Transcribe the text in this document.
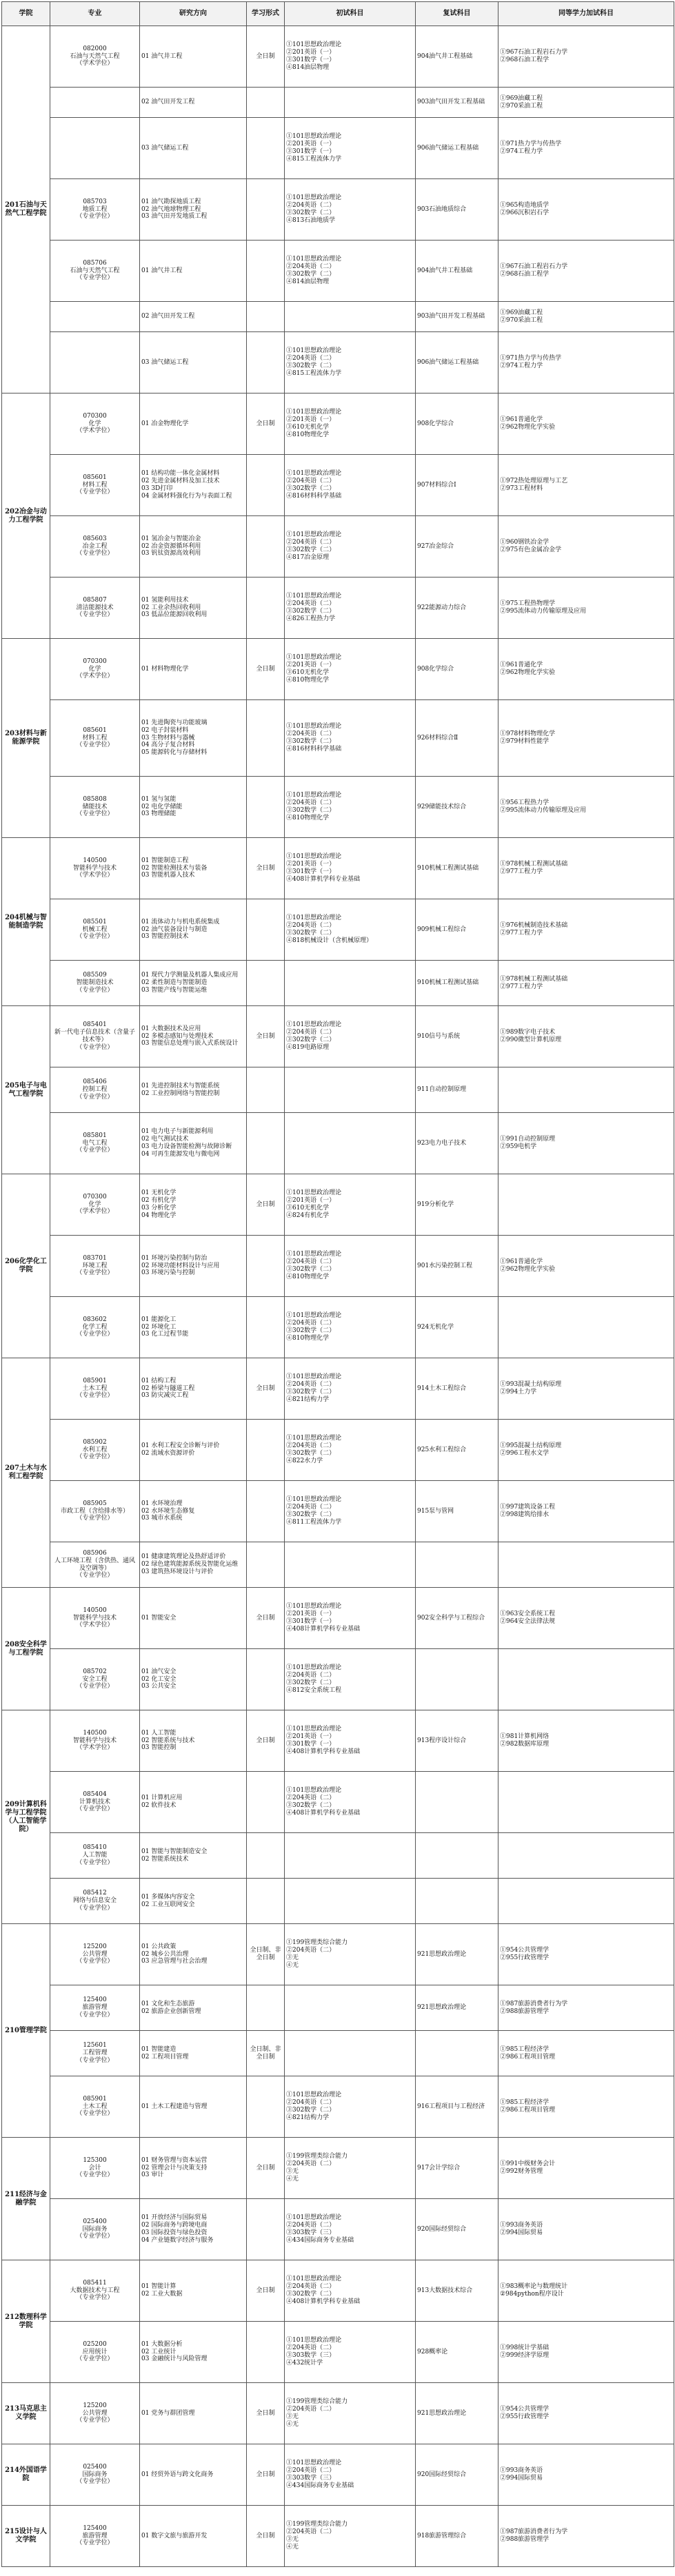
学院	专业	研究方向	学习形式	初试科目	复试科目	同等学力加试科目
201石油与天然气工程学院	082000
石油与天然气工程
（学术学位）	01 油气井工程	全日制	①101思想政治理论
②201英语（一）
③301数学（一）
④814油层物理	904油气井工程基础	①967石油工程岩石力学
②968石油工程学

		02 油气田开发工程			903油气田开发工程基础	①969油藏工程
②970采油工程

		03 油气储运工程		①101思想政治理论
②201英语（一）
③301数学（一）
④815工程流体力学	906油气储运工程基础	①971热力学与传热学
②974工程力学

	085703
地质工程
（专业学位）	01 油气勘探地质工程
02 油气地球物理工程
03 油气田开发地质工程		①101思想政治理论
②204英语（二）
③302数学（二）
④813石油地质学	903石油地质综合	①965构造地质学
②966沉积岩石学

	085706
石油与天然气工程
（专业学位）	01 油气井工程		①101思想政治理论
②204英语（二）
③302数学（二）
④814油层物理	904油气井工程基础	①967石油工程岩石力学
②968石油工程学

		02 油气田开发工程			903油气田开发工程基础	①969油藏工程
②970采油工程

		03 油气储运工程		①101思想政治理论
②204英语（二）
③302数学（二）
④815工程流体力学	906油气储运工程基础	①971热力学与传热学
②974工程力学

202冶金与动力工程学院	070300
化学
（学术学位）	01 冶金物理化学	全日制	①101思想政治理论
②201英语（一）
③610无机化学
④810物理化学	908化学综合	①961普通化学
②962物理化学实验

	085601
材料工程
（专业学位）	01 结构功能一体化金属材料
02 先进金属材料及加工技术
03 3D打印
04 金属材料强化行为与表面工程		①101思想政治理论
②204英语（二）
③302数学（二）
④816材料科学基础	907材料综合Ⅰ	①972热处理原理与工艺
②973工程材料

	085603
冶金工程
（专业学位）	01 氢冶金与智能冶金
02 冶金资源循环利用
03 钒钛资源高效利用		①101思想政治理论
②204英语（二）
③302数学（二）
④817冶金原理	927冶金综合	①960钢铁冶金学
②975有色金属冶金学

	085807
清洁能源技术
（专业学位）	01 氢能利用技术
02 工业余热回收利用
03 低品位能源回收利用		①101思想政治理论
②204英语（二）
③302数学（二）
④826工程热力学	922能源动力综合	①975工程热物理学
②995流体动力传输原理及应用

203材料与新能源学院	070300
化学
（学术学位）	01 材料物理化学	全日制	①101思想政治理论
②201英语（一）
③610无机化学
④810物理化学	908化学综合	①961普通化学
②962物理化学实验

	085601
材料工程
（专业学位）	01 先进陶瓷与功能玻璃
02 电子封装材料
03 生物材料与器械
04 高分子复合材料
05 能源转化与存储材料		①101思想政治理论
②204英语（二）
③302数学（二）
④816材料科学基础	926材料综合Ⅱ	①978材料物理化学
②979材料性能学

	085808
储能技术
（专业学位）	01 氢与氢能
02 电化学储能
03 物理储能		①101思想政治理论
②204英语（二）
③302数学（二）
④810物理化学	929储能技术综合	①956工程热力学
②995流体动力传输原理及应用

204机械与智能制造学院	140500
智能科学与技术
（学术学位）	01 智能制造工程
02 智能检测技术与装备
03 智能机器人技术	全日制	①101思想政治理论
②201英语（一）
③301数学（一）
④408计算机学科专业基础	910机械工程测试基础	①978机械工程测试基础
②977工程力学

	085501
机械工程
（专业学位）	01 流体动力与机电系统集成
02 油气装备设计与制造
03 智能控制技术		①101思想政治理论
②204英语（二）
③302数学（二）
④818机械设计（含机械原理）	909机械工程综合	①976机械制造技术基础
②977工程力学

	085509
智能制造技术
（专业学位）	01 现代力学测量及机器人集成应用
02 柔性制造与智能制造
03 智能产线与智能运维			910机械工程测试基础	①978机械工程测试基础
②977工程力学

205电子与电气工程学院	085401
新一代电子信息技术（含量子技术等）
（专业学位）	01 大数据技术及应用
02 多模态感知与处理技术
03 智能信息处理与嵌入式系统设计	全日制	①101思想政治理论
②204英语（二）
③302数学（二）
④819电路原理	910信号与系统	①989数字电子技术
②990微型计算机原理

	085406
控制工程
（专业学位）	01 先进控制技术与智能系统
02 工业控制网络与智能控制			911自动控制原理	

	085801
电气工程
（专业学位）	01 电力电子与新能源利用
02 电气测试技术
03 电力设备智能检测与故障诊断
04 可再生能源发电与微电网			923电力电子技术	①991自动控制原理
②959电机学

206化学化工学院	070300
化学
（学术学位）	01 无机化学
02 有机化学
03 分析化学
04 物理化学	全日制	①101思想政治理论
②201英语（一）
③610无机化学
④824有机化学	919分析化学	

	083701
环境工程
（专业学位）	01 环境污染控制与防治
02 环境功能材料设计与应用
03 环境污染与控制		①101思想政治理论
②204英语（二）
③302数学（二）
④810物理化学	901水污染控制工程	①961普通化学
②962物理化学实验

	083602
化学工程
（专业学位）	01 能源化工
02 环境化工
03 化工过程节能		①101思想政治理论
②204英语（二）
③302数学（二）
④810物理化学	924无机化学	

207土木与水利工程学院	085901
土木工程
（专业学位）	01 结构工程
02 桥梁与隧道工程
03 防灾减灾工程	全日制	①101思想政治理论
②204英语（二）
③302数学（二）
④821结构力学	914土木工程综合	①993混凝土结构原理
②994土力学

	085902
水利工程
（专业学位）	01 水利工程安全诊断与评价
02 流域水资源评价		①101思想政治理论
②204英语（二）
③302数学（二）
④822水力学	925水利工程综合	①995混凝土结构原理
②996工程水文学

	085905
市政工程（含给排水等）
（专业学位）	01 水环境治理
02 水环境生态修复
03 城市水系统		①101思想政治理论
②204英语（二）
③302数学（二）
④811工程流体力学	915泵与管网	①997建筑设备工程
②998建筑给排水

	085906
人工环境工程（含供热、通风及空调等）
（专业学位）	01 健康建筑理论及热舒适评价
02 绿色建筑能源系统及智能化运维
03 建筑热环境设计与评价				

208安全科学与工程学院	140500
智能科学与技术
（学术学位）	01 智能安全	全日制	①101思想政治理论
②201英语（一）
③301数学（一）
④408计算机学科专业基础	902安全科学与工程综合	①963安全系统工程
②964安全法律法规

	085702
安全工程
（专业学位）	01 油气安全
02 化工安全
03 公共安全		①101思想政治理论
②204英语（二）
③302数学（二）
④812安全系统工程		

209计算机科学与工程学院（人工智能学院）	140500
智能科学与技术
（学术学位）	01 人工智能
02 智能系统与技术
03 智能控制	全日制	①101思想政治理论
②201英语（一）
③301数学（一）
④408计算机学科专业基础	913程序设计综合	①981计算机网络
②982数据库原理

	085404
计算机技术
（专业学位）	01 计算机应用
02 软件技术		①101思想政治理论
②204英语（二）
③302数学（二）
④408计算机学科专业基础		

	085410
人工智能
（专业学位）	01 智能与智能制造安全
02 智能系统技术				

	085412
网络与信息安全
（专业学位）	01 多媒体内容安全
02 工业互联网安全				

210管理学院	125200
公共管理
（专业学位）	01 公共政策
02 城乡公共治理
03 应急管理与社会治理	全日制、非全日制	①199管理类综合能力
②204英语（二）
③无
④无	921思想政治理论	①954公共管理学
②955行政管理学

	125400
旅游管理
（专业学位）	01 文化和生态旅游
02 旅游企业创新管理			921思想政治理论	①987旅游消费者行为学
②988旅游管理学

	125601
工程管理
（专业学位）	01 智能建造
02 工程项目管理	全日制、非全日制			①985工程经济学
②986工程项目管理

	085901
土木工程
（专业学位）	01 土木工程建造与管理		①101思想政治理论
②204英语（二）
③302数学（二）
④821结构力学	916工程项目与工程经济	①985工程经济学
②986工程项目管理

211经济与金融学院	125300
会计
（专业学位）	01 财务管理与资本运营
02 管理会计与决策支持
03 审计	全日制	①199管理类综合能力
②204英语（二）
③无
④无	917会计学综合	①991中级财务会计
②992财务管理

	025400
国际商务
（专业学位）	01 开放经济与国际贸易
02 国际商务与跨境电商
03 国际投资与绿色投资
04 产业链数字经济与服务		①101思想政治理论
②204英语（二）
③303数学（三）
④434国际商务专业基础	920国际经贸综合	①993商务英语
②994国际贸易

212数理科学学院	085411
大数据技术与工程
（专业学位）	01 智能计算
02 工业大数据	全日制	①101思想政治理论
②204英语（二）
③302数学（二）
④408计算机学科专业基础	913大数据技术综合	①983概率论与数理统计
②984python程序设计

	025200
应用统计
（专业学位）	01 大数据分析
02 工业统计
03 金融统计与风险管理		①101思想政治理论
②204英语（二）
③303数学（三）
④432统计学	928概率论	①998统计学基础
②999经济学原理

213马克思主义学院	125200
公共管理
（专业学位）	01 党务与群团管理	全日制	①199管理类综合能力
②204英语（二）
③无
④无	921思想政治理论	①954公共管理学
②955行政管理学

214外国语学院	025400
国际商务
（专业学位）	01 经贸外语与跨文化商务	全日制	①101思想政治理论
②204英语（二）
③303数学（三）
④434国际商务专业基础	920国际经贸综合	①993商务英语
②994国际贸易

215设计与人文学院	125400
旅游管理
（专业学位）	01 数字文旅与旅游开发	全日制	①199管理类综合能力
②204英语（二）
③无
④无	918旅游管理综合	①987旅游消费者行为学
②988旅游管理学
